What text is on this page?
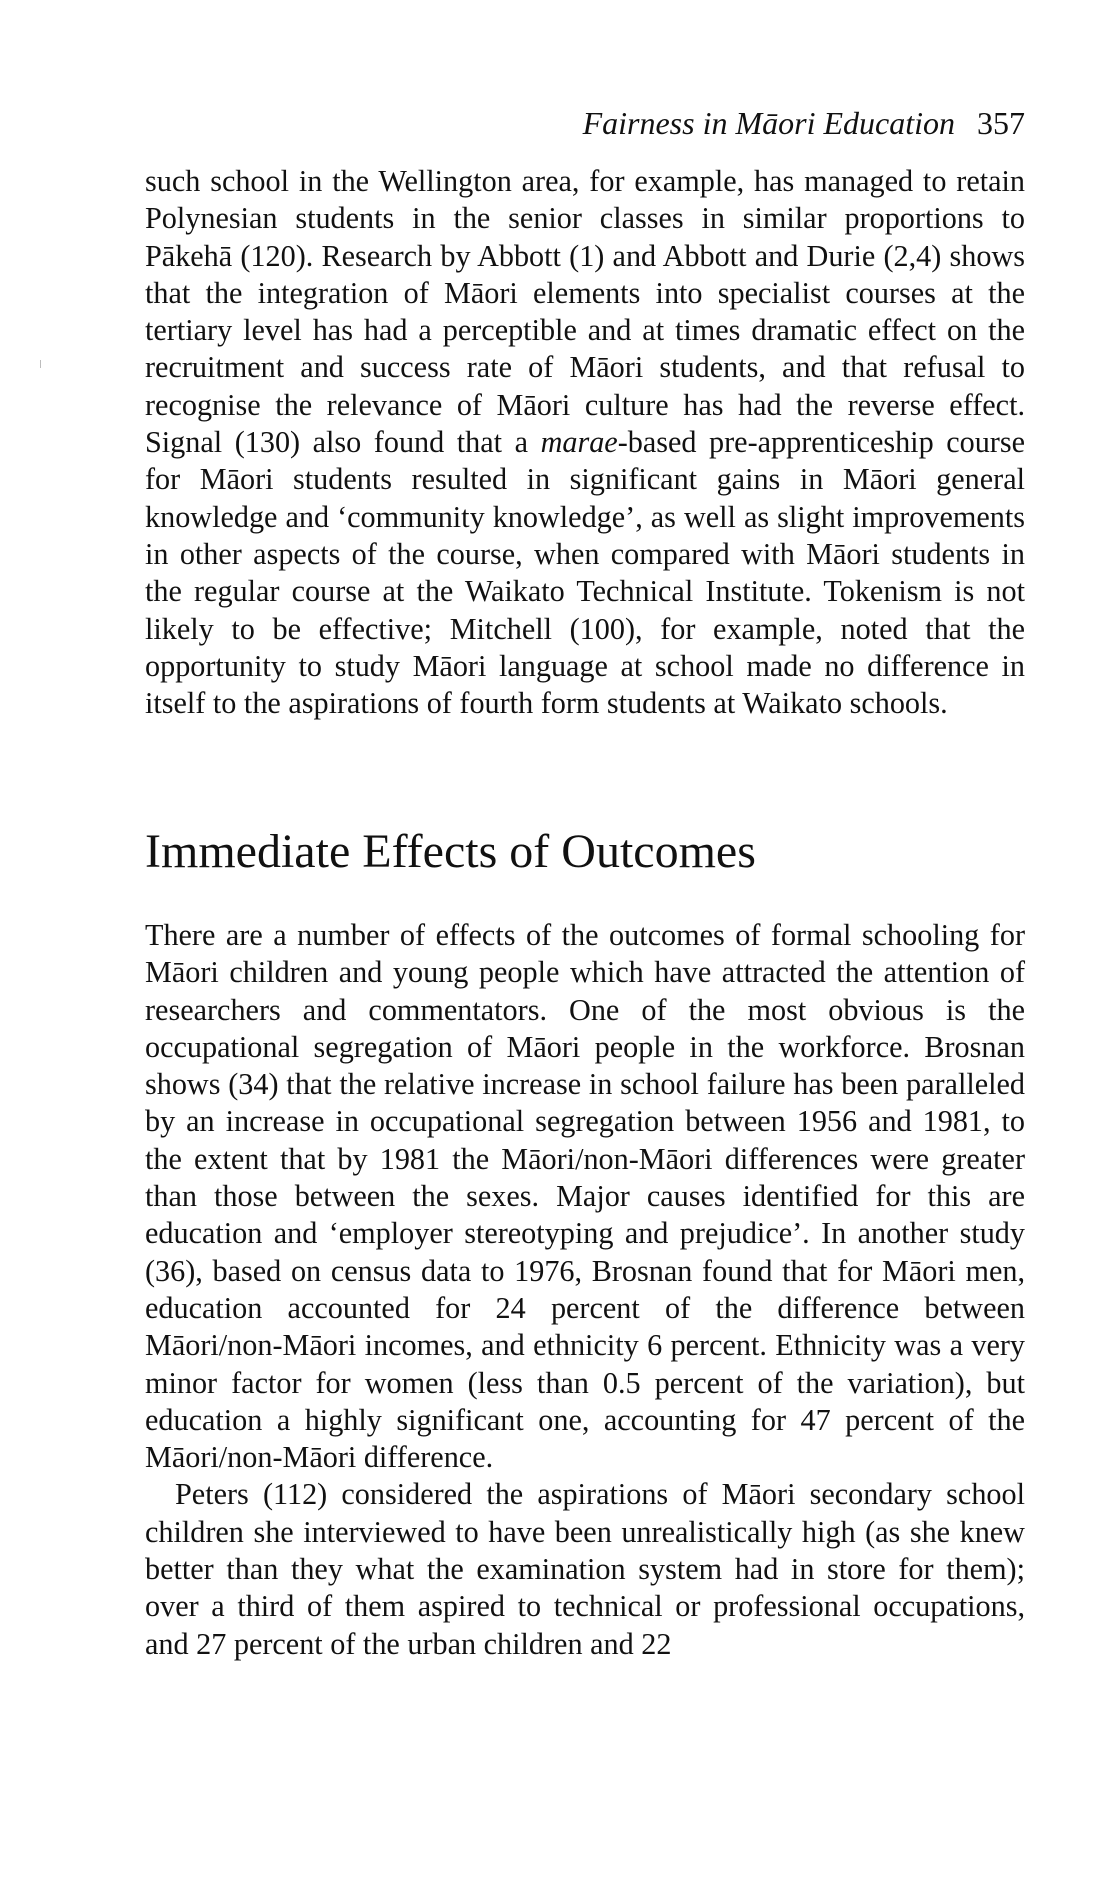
Fairness in Māori Education 357

such school in the Wellington area, for example, has managed to retain Polynesian students in the senior classes in similar proportions to Pākehā (120). Research by Abbott (1) and Abbott and Durie (2,4) shows that the integration of Māori elements into specialist courses at the tertiary level has had a perceptible and at times dramatic effect on the recruitment and success rate of Māori students, and that refusal to recognise the relevance of Māori culture has had the reverse effect. Signal (130) also found that a marae-based pre-apprenticeship course for Māori students resulted in significant gains in Māori general knowledge and ‘community knowledge’, as well as slight improvements in other aspects of the course, when compared with Māori students in the regular course at the Waikato Technical Institute. Tokenism is not likely to be effective; Mitchell (100), for example, noted that the opportunity to study Māori language at school made no difference in itself to the aspirations of fourth form students at Waikato schools.

Immediate Effects of Outcomes

There are a number of effects of the outcomes of formal schooling for Māori children and young people which have attracted the attention of researchers and commentators. One of the most obvious is the occupational segregation of Māori people in the workforce. Brosnan shows (34) that the relative increase in school failure has been paralleled by an increase in occupational segregation between 1956 and 1981, to the extent that by 1981 the Māori/non-Māori differences were greater than those between the sexes. Major causes identified for this are education and ‘employer stereotyping and prejudice’. In another study (36), based on census data to 1976, Brosnan found that for Māori men, education accounted for 24 percent of the difference between Māori/non-Māori incomes, and ethnicity 6 percent. Ethnicity was a very minor factor for women (less than 0.5 percent of the variation), but education a highly significant one, accounting for 47 percent of the Māori/non-Māori difference.

Peters (112) considered the aspirations of Māori secondary school children she interviewed to have been unrealistically high (as she knew better than they what the examination system had in store for them); over a third of them aspired to technical or professional occupations, and 27 percent of the urban children and 22
